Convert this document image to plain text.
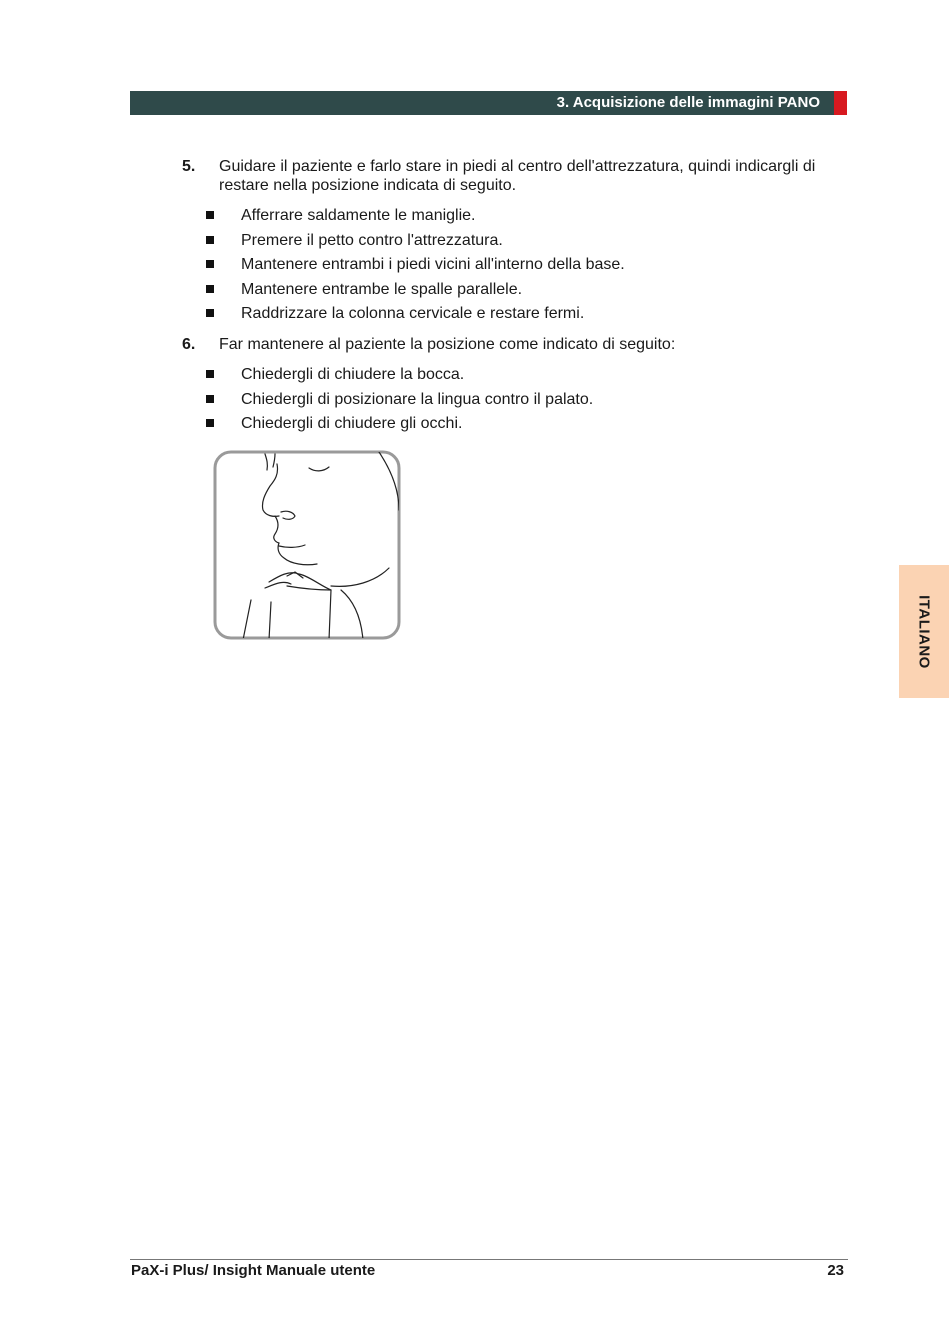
3. Acquisizione delle immagini PANO
5. Guidare il paziente e farlo stare in piedi al centro dell'attrezzatura, quindi indicargli di restare nella posizione indicata di seguito.
Afferrare saldamente le maniglie.
Premere il petto contro l'attrezzatura.
Mantenere entrambi i piedi vicini all'interno della base.
Mantenere entrambe le spalle parallele.
Raddrizzare la colonna cervicale e restare fermi.
6. Far mantenere al paziente la posizione come indicato di seguito:
Chiedergli di chiudere la bocca.
Chiedergli di posizionare la lingua contro il palato.
Chiedergli di chiudere gli occhi.
ITALIANO
PaX-i Plus/ Insight Manuale utente	23
